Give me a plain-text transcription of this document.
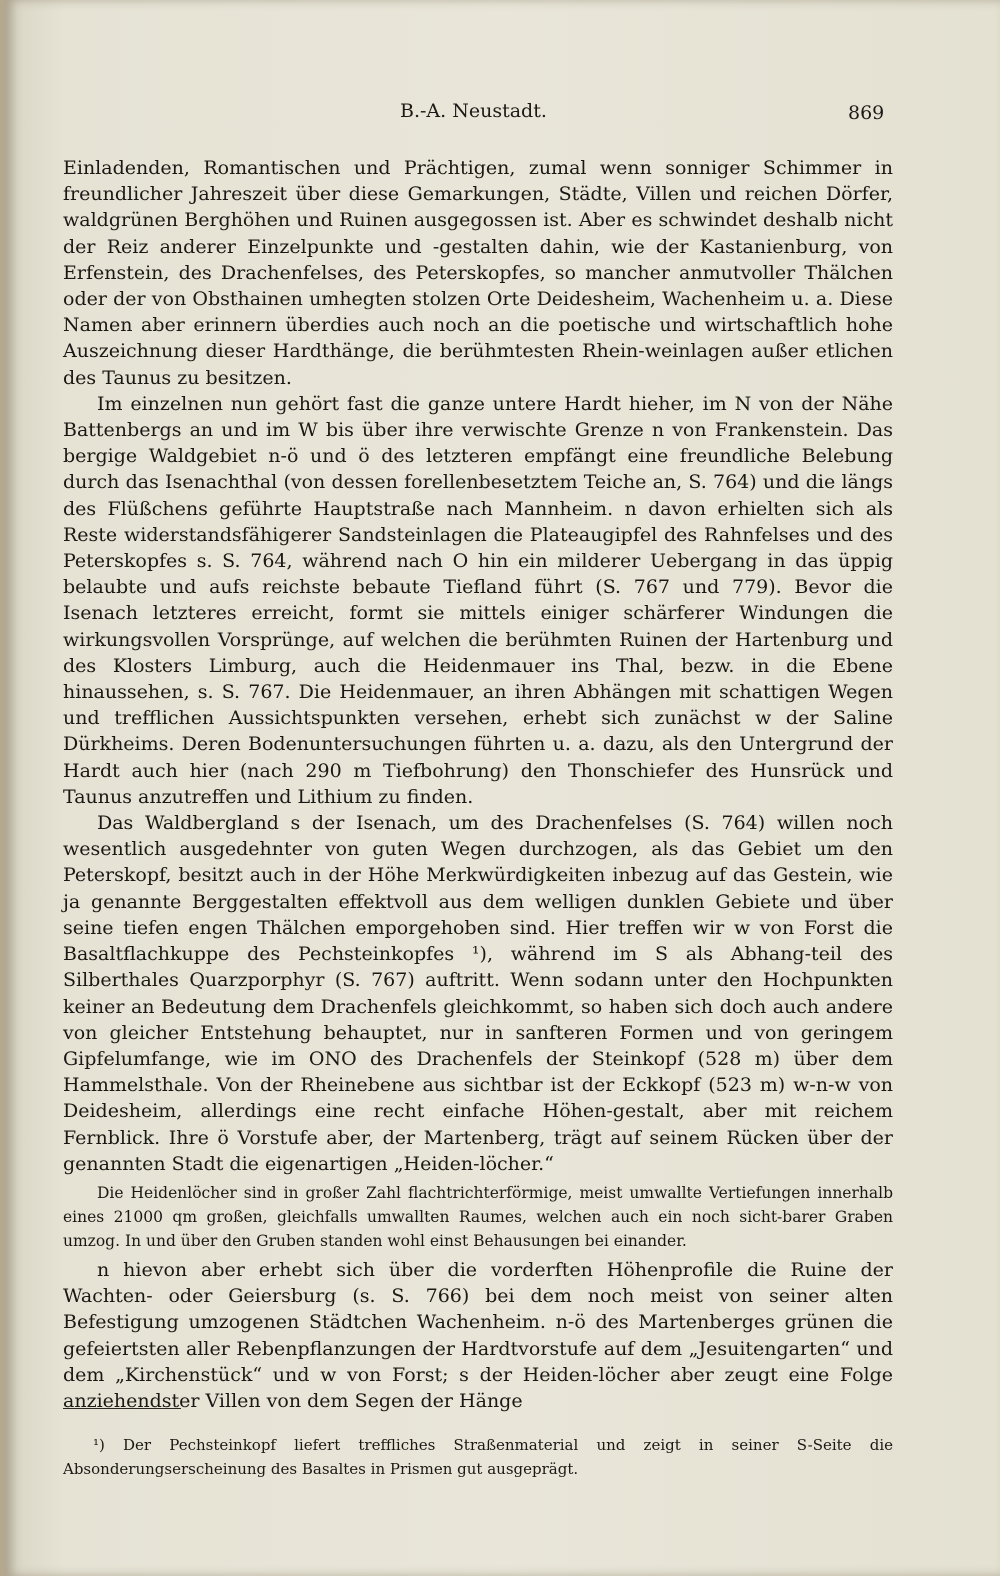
B.-A. Neustadt.	869

Einladenden, Romantischen und Prächtigen, zumal wenn sonniger Schimmer in freundlicher Jahreszeit über diese Gemarkungen, Städte, Villen und reichen Dörfer, waldgrünen Berghöhen und Ruinen ausgegossen ist. Aber es schwindet deshalb nicht der Reiz anderer Einzelpunkte und -gestalten dahin, wie der Kastanienburg, von Erfenstein, des Drachenfelses, des Peterskopfes, so mancher anmutvoller Thälchen oder der von Obsthainen umhegten stolzen Orte Deidesheim, Wachenheim u. a. Diese Namen aber erinnern überdies auch noch an die poetische und wirtschaftlich hohe Auszeichnung dieser Hardthänge, die berühmtesten Rhein-weinlagen außer etlichen des Taunus zu besitzen.

Im einzelnen nun gehört fast die ganze untere Hardt hieher, im N von der Nähe Battenbergs an und im W bis über ihre verwischte Grenze n von Frankenstein. Das bergige Waldgebiet n-ö und ö des letzteren empfängt eine freundliche Belebung durch das Isenachthal (von dessen forellenbesetztem Teiche an, S. 764) und die längs des Flüßchens geführte Hauptstraße nach Mannheim. n davon erhielten sich als Reste widerstandsfähigerer Sandsteinlagen die Plateaugipfel des Rahnfelses und des Peterskopfes s. S. 764, während nach O hin ein milderer Uebergang in das üppig belaubte und aufs reichste bebaute Tiefland führt (S. 767 und 779). Bevor die Isenach letzteres erreicht, formt sie mittels einiger schärferer Windungen die wirkungsvollen Vorsprünge, auf welchen die berühmten Ruinen der Hartenburg und des Klosters Limburg, auch die Heidenmauer ins Thal, bezw. in die Ebene hinaussehen, s. S. 767. Die Heidenmauer, an ihren Abhängen mit schattigen Wegen und trefflichen Aussichtspunkten versehen, erhebt sich zunächst w der Saline Dürkheims. Deren Bodenuntersuchungen führten u. a. dazu, als den Untergrund der Hardt auch hier (nach 290 m Tiefbohrung) den Thonschiefer des Hunsrück und Taunus anzutreffen und Lithium zu finden.

Das Waldbergland s der Isenach, um des Drachenfelses (S. 764) willen noch wesentlich ausgedehnter von guten Wegen durchzogen, als das Gebiet um den Peterskopf, besitzt auch in der Höhe Merkwürdigkeiten inbezug auf das Gestein, wie ja genannte Berggestalten effektvoll aus dem welligen dunklen Gebiete und über seine tiefen engen Thälchen emporgehoben sind. Hier treffen wir w von Forst die Basaltflachkuppe des Pechsteinkopfes ¹), während im S als Abhang-teil des Silberthales Quarzporphyr (S. 767) auftritt. Wenn sodann unter den Hochpunkten keiner an Bedeutung dem Drachenfels gleichkommt, so haben sich doch auch andere von gleicher Entstehung behauptet, nur in sanfteren Formen und von geringem Gipfelumfange, wie im ONO des Drachenfels der Steinkopf (528 m) über dem Hammelsthale. Von der Rheinebene aus sichtbar ist der Eckkopf (523 m) w-n-w von Deidesheim, allerdings eine recht einfache Höhen-gestalt, aber mit reichem Fernblick. Ihre ö Vorstufe aber, der Martenberg, trägt auf seinem Rücken über der genannten Stadt die eigenartigen „Heiden-löcher.“

Die Heidenlöcher sind in großer Zahl flachtrichterförmige, meist umwallte Vertiefungen innerhalb eines 21000 qm großen, gleichfalls umwallten Raumes, welchen auch ein noch sicht-barer Graben umzog. In und über den Gruben standen wohl einst Behausungen bei einander.

n hievon aber erhebt sich über die vorderften Höhenprofile die Ruine der Wachten- oder Geiersburg (s. S. 766) bei dem noch meist von seiner alten Befestigung umzogenen Städtchen Wachenheim. n-ö des Martenberges grünen die gefeiertsten aller Rebenpflanzungen der Hardtvorstufe auf dem „Jesuitengarten“ und dem „Kirchenstück“ und w von Forst; s der Heiden-löcher aber zeugt eine Folge anziehendster Villen von dem Segen der Hänge

¹) Der Pechsteinkopf liefert treffliches Straßenmaterial und zeigt in seiner S-Seite die Absonderungserscheinung des Basaltes in Prismen gut ausgeprägt.
